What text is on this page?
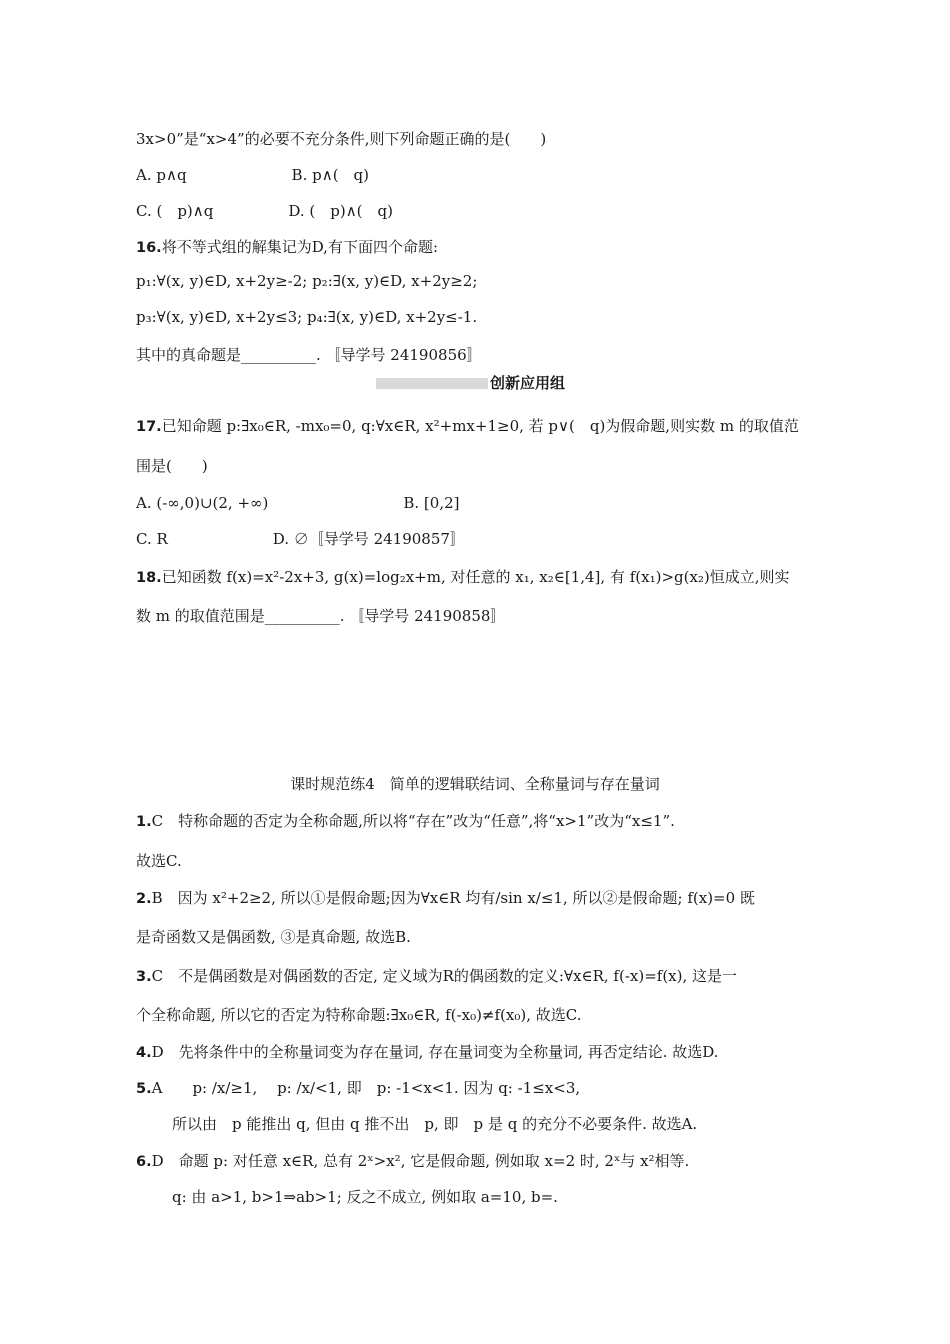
3x>0”是“x>4”的必要不充分条件,则下列命题正确的是(　　)
A. p∧q　　　　　　　B. p∧(　q)
C. (　p)∧q　　　　　D. (　p)∧(　q)
16.将不等式组的解集记为D,有下面四个命题:
p₁:∀(x, y)∈D, x+2y≥-2; p₂:∃(x, y)∈D, x+2y≥2;
p₃:∀(x, y)∈D, x+2y≤3; p₄:∃(x, y)∈D, x+2y≤-1.
其中的真命题是__________. 〚导学号 24190856〛
创新应用组
17.已知命题 p:∃x₀∈R, -mx₀=0, q:∀x∈R, x²+mx+1≥0, 若 p∨(　q)为假命题,则实数 m 的取值范
围是(　　)
A. (-∞,0)∪(2, +∞)　　　　　　　　　B. [0,2]
C. R　　　　　　　D. ∅〚导学号 24190857〛
18.已知函数 f(x)=x²-2x+3, g(x)=log₂x+m, 对任意的 x₁, x₂∈[1,4], 有 f(x₁)>g(x₂)恒成立,则实
数 m 的取值范围是__________. 〚导学号 24190858〛
课时规范练4　简单的逻辑联结词、全称量词与存在量词
1.C　特称命题的否定为全称命题,所以将“存在”改为“任意”,将“x>1”改为“x≤1”.
故选C.
2.B　因为 x²+2≥2, 所以①是假命题;因为∀x∈R 均有/sin x/≤1, 所以②是假命题; f(x)=0 既
是奇函数又是偶函数, ③是真命题, 故选B.
3.C　不是偶函数是对偶函数的否定, 定义域为R的偶函数的定义:∀x∈R, f(-x)=f(x), 这是一
个全称命题, 所以它的否定为特称命题:∃x₀∈R, f(-x₀)≠f(x₀), 故选C.
4.D　先将条件中的全称量词变为存在量词, 存在量词变为全称量词, 再否定结论. 故选D.
5.A　　p: /x/≥1, 　p: /x/<1, 即　p: -1<x<1. 因为 q: -1≤x<3,
所以由　p 能推出 q, 但由 q 推不出　p, 即　p 是 q 的充分不必要条件. 故选A.
6.D　命题 p: 对任意 x∈R, 总有 2ˣ>x², 它是假命题, 例如取 x=2 时, 2ˣ与 x²相等.
q: 由 a>1, b>1⇒ab>1; 反之不成立, 例如取 a=10, b=.
